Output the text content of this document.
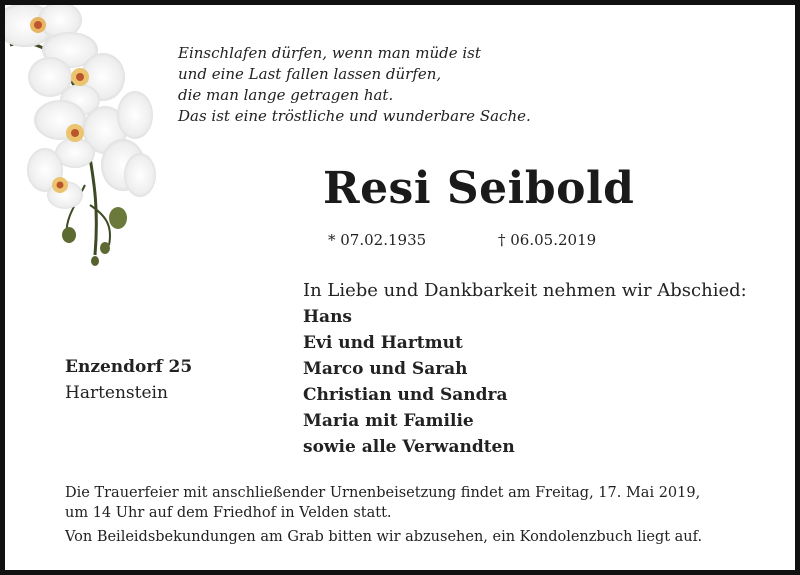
Einschlafen dürfen, wenn man müde ist
und eine Last fallen lassen dürfen,
die man lange getragen hat.
Das ist eine tröstliche und wunderbare Sache.
Resi Seibold
* 07.02.1935	† 06.05.2019
In Liebe und Dankbarkeit nehmen wir Abschied:
Hans
Evi und Hartmut
Marco und Sarah
Christian und Sandra
Maria mit Familie
sowie alle Verwandten
Enzendorf 25
Hartenstein
Die Trauerfeier mit anschließender Urnenbeisetzung findet am Freitag, 17. Mai 2019,
um 14 Uhr auf dem Friedhof in Velden statt.
Von Beileidsbekundungen am Grab bitten wir abzusehen, ein Kondolenzbuch liegt auf.
